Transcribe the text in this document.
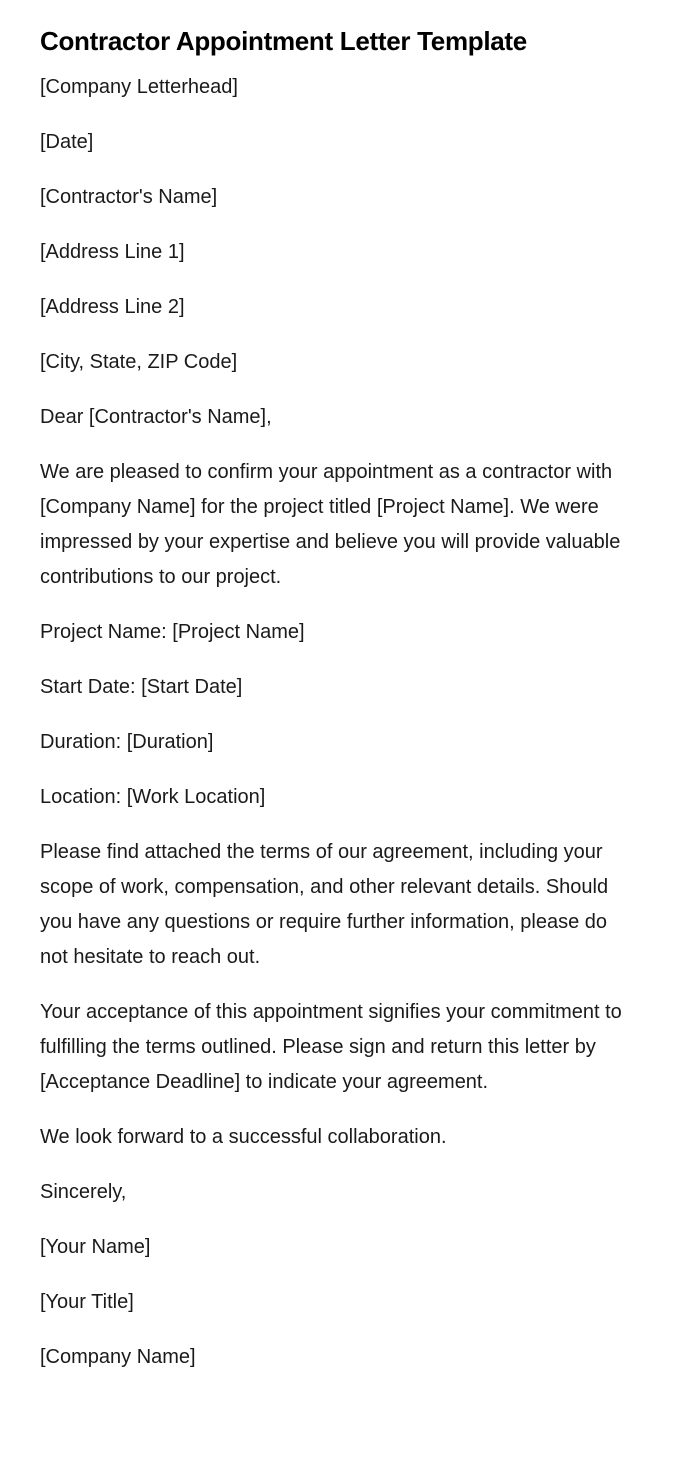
Contractor Appointment Letter Template

[Company Letterhead]

[Date]

[Contractor's Name]

[Address Line 1]

[Address Line 2]

[City, State, ZIP Code]

Dear [Contractor's Name],

We are pleased to confirm your appointment as a contractor with [Company Name] for the project titled [Project Name]. We were impressed by your expertise and believe you will provide valuable contributions to our project.

Project Name: [Project Name]

Start Date: [Start Date]

Duration: [Duration]

Location: [Work Location]

Please find attached the terms of our agreement, including your scope of work, compensation, and other relevant details. Should you have any questions or require further information, please do not hesitate to reach out.

Your acceptance of this appointment signifies your commitment to fulfilling the terms outlined. Please sign and return this letter by [Acceptance Deadline] to indicate your agreement.

We look forward to a successful collaboration.

Sincerely,

[Your Name]

[Your Title]

[Company Name]
